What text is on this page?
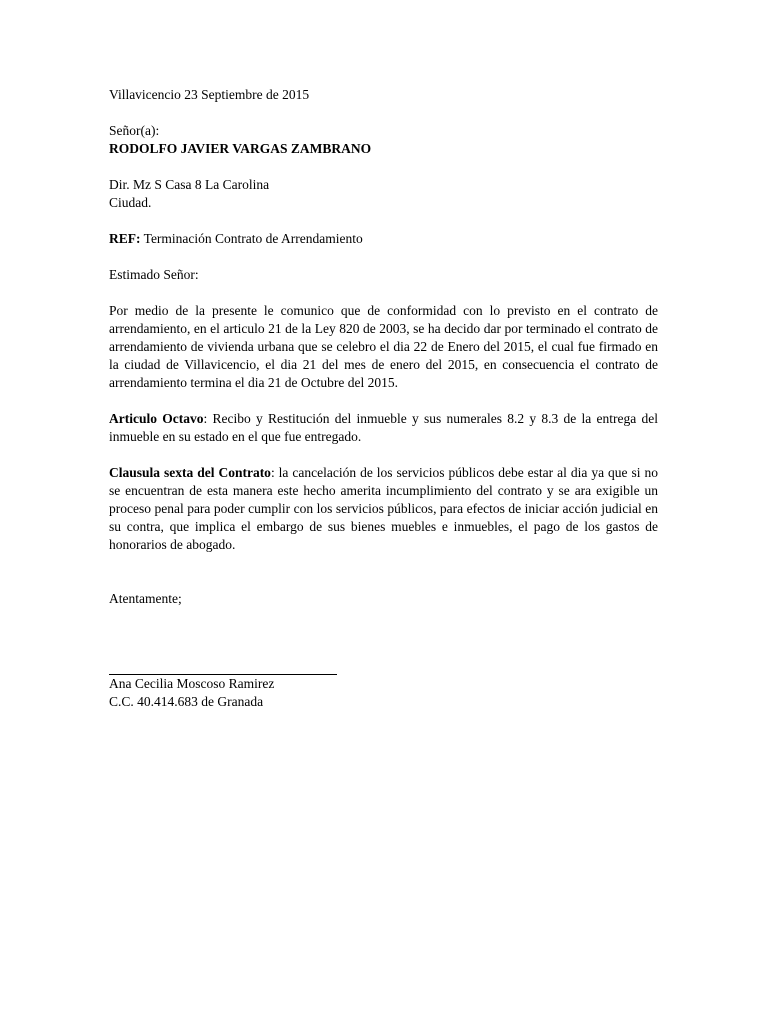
Villavicencio 23 Septiembre de 2015
Señor(a):
RODOLFO JAVIER VARGAS ZAMBRANO
Dir. Mz S Casa 8 La Carolina
Ciudad.
REF: Terminación Contrato de Arrendamiento
Estimado Señor:
Por medio de la presente le comunico que de conformidad con lo previsto en el contrato de arrendamiento, en el articulo 21 de la Ley 820 de 2003, se ha decido dar por terminado el contrato de arrendamiento de vivienda urbana que se celebro el dia 22 de Enero del 2015, el cual fue firmado en la ciudad de Villavicencio, el dia 21 del mes de enero del 2015, en consecuencia el contrato de arrendamiento termina el dia 21 de Octubre del 2015.
Articulo Octavo: Recibo y Restitución del inmueble y sus numerales 8.2 y 8.3 de la entrega del inmueble en su estado en el que fue entregado.
Clausula sexta del Contrato: la cancelación de los servicios públicos debe estar al dia ya que si no se encuentran de esta manera este hecho amerita incumplimiento del contrato y se ara exigible un proceso penal para poder cumplir con los servicios públicos, para efectos de iniciar acción judicial en su contra, que implica el embargo de sus bienes muebles e inmuebles, el pago de los gastos de honorarios de abogado.
Atentamente;
Ana Cecilia Moscoso Ramirez
C.C. 40.414.683 de Granada
